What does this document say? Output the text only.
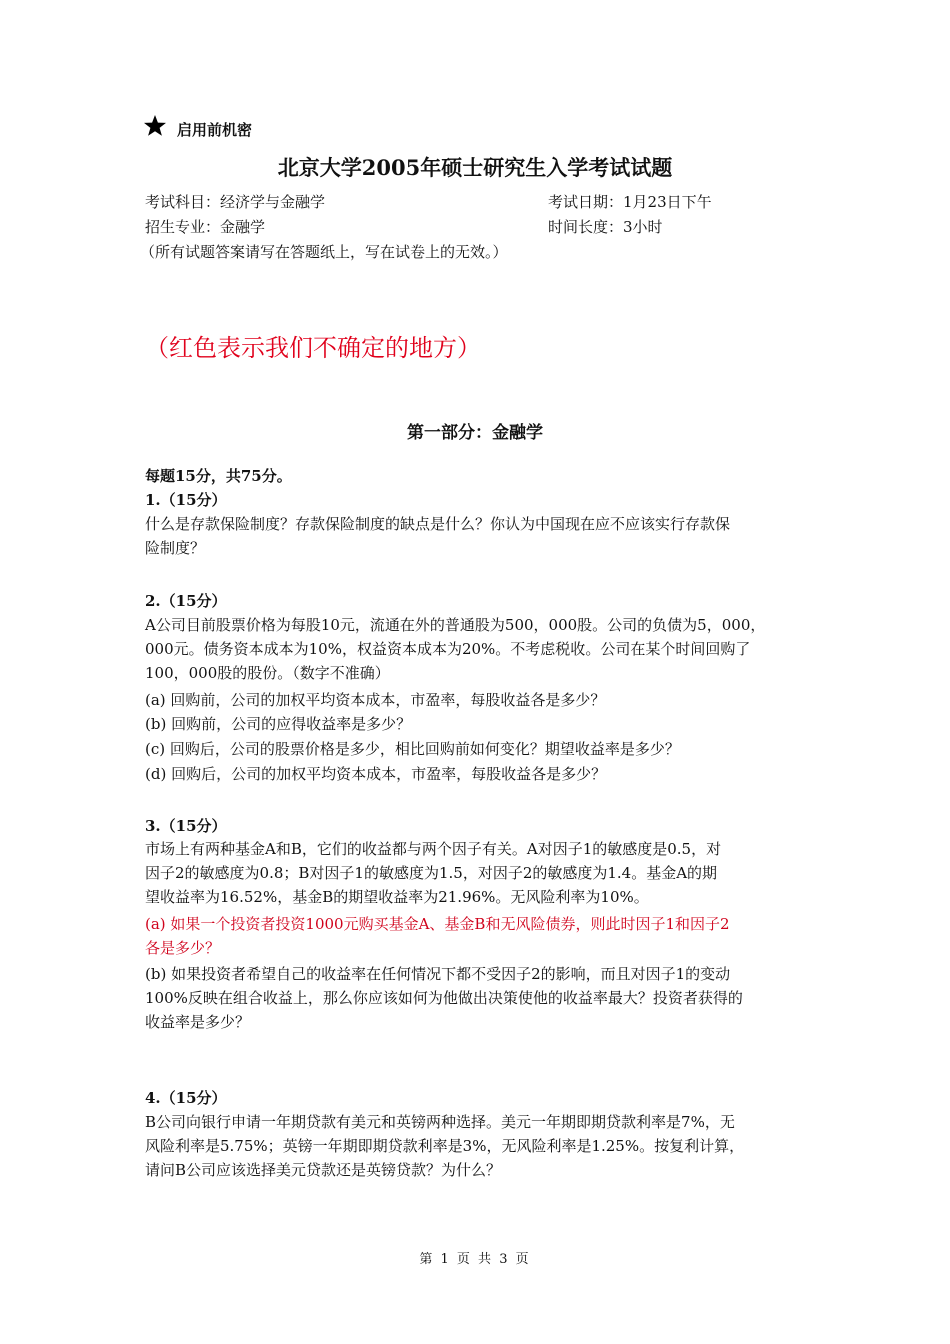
启用前机密
北京大学2005年硕士研究生入学考试试题
考试科目：经济学与金融学	考试日期：1月23日下午
招生专业：金融学	时间长度：3小时
（所有试题答案请写在答题纸上，写在试卷上的无效。）
（红色表示我们不确定的地方）
第一部分：金融学
每题15分，共75分。
1.（15分）
什么是存款保险制度？存款保险制度的缺点是什么？你认为中国现在应不应该实行存款保
险制度？
2.（15分）
A公司目前股票价格为每股10元，流通在外的普通股为500，000股。公司的负债为5，000，
000元。债务资本成本为10%，权益资本成本为20%。不考虑税收。公司在某个时间回购了
100，000股的股份。（数字不准确）
(a) 回购前，公司的加权平均资本成本，市盈率，每股收益各是多少？
(b) 回购前，公司的应得收益率是多少？
(c) 回购后，公司的股票价格是多少，相比回购前如何变化？期望收益率是多少？
(d) 回购后，公司的加权平均资本成本，市盈率，每股收益各是多少？
3.（15分）
市场上有两种基金A和B，它们的收益都与两个因子有关。A对因子1的敏感度是0.5，对
因子2的敏感度为0.8；B对因子1的敏感度为1.5，对因子2的敏感度为1.4。基金A的期
望收益率为16.52%，基金B的期望收益率为21.96%。无风险利率为10%。
(a) 如果一个投资者投资1000元购买基金A、基金B和无风险债券，则此时因子1和因子2
各是多少？
(b) 如果投资者希望自己的收益率在任何情况下都不受因子2的影响，而且对因子1的变动
100%反映在组合收益上，那么你应该如何为他做出决策使他的收益率最大？投资者获得的
收益率是多少？
4.（15分）
B公司向银行申请一年期贷款有美元和英镑两种选择。美元一年期即期贷款利率是7%，无
风险利率是5.75%；英镑一年期即期贷款利率是3%，无风险利率是1.25%。按复利计算，
请问B公司应该选择美元贷款还是英镑贷款？为什么？
第 1 页 共 3 页
